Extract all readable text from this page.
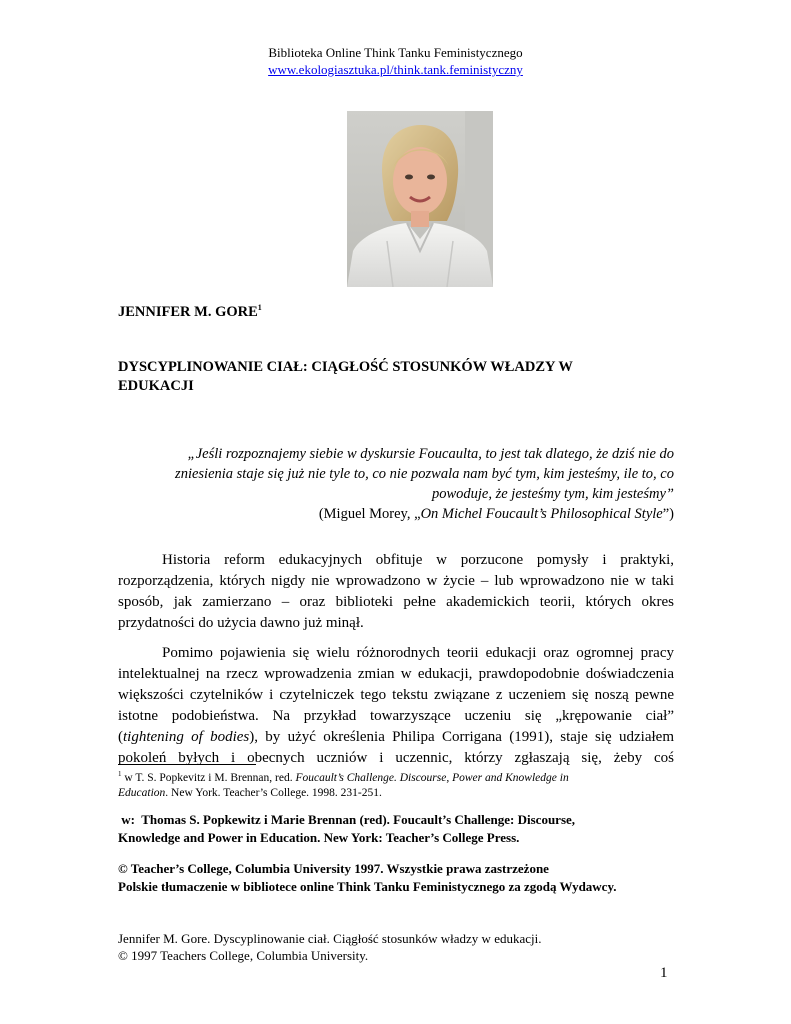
Biblioteka Online Think Tanku Feministycznego
www.ekologiasztuka.pl/think.tank.feministyczny
JENNIFER M. GORE$^1$
DYSCYPLINOWANIE CIAŁ: CIĄGŁOŚĆ STOSUNKÓW WŁADZY W
EDUKACJI
„Jeśli rozpoznajemy siebie w dyskursie Foucaulta, to jest tak dlatego, że dziś nie do
zniesienia staje się już nie tyle to, co nie pozwala nam być tym, kim jesteśmy, ile to, co
powoduje, że jesteśmy tym, kim jesteśmy”
(Miguel Morey, „On Michel Foucault’s Philosophical Style”)
Historia reform edukacyjnych obfituje w porzucone pomysły i praktyki,
rozporządzenia, których nigdy nie wprowadzono w życie – lub wprowadzono nie w taki
sposób, jak zamierzano – oraz biblioteki pełne akademickich teorii, których okres
przydatności do użycia dawno już minął.
Pomimo pojawienia się wielu różnorodnych teorii edukacji oraz ogromnej pracy
intelektualnej na rzecz wprowadzenia zmian w edukacji, prawdopodobnie doświadczenia
większości czytelników i czytelniczek tego tekstu związane z uczeniem się noszą pewne
istotne podobieństwa. Na przykład towarzyszące uczeniu się „krępowanie ciał”
(tightening of bodies), by użyć określenia Philipa Corrigana (1991), staje się udziałem
pokoleń byłych i obecnych uczniów i uczennic, którzy zgłaszają się, żeby coś
$^1$ w T. S. Popkevitz i M. Brennan, red. Foucault’s Challenge. Discourse, Power and Knowledge in
Education. New York. Teacher’s College. 1998. 231-251.
w:  Thomas S. Popkewitz i Marie Brennan (red). Foucault’s Challenge: Discourse,
Knowledge and Power in Education. New York: Teacher’s College Press.
© Teacher’s College, Columbia University 1997. Wszystkie prawa zastrzeżone
Polskie tłumaczenie w bibliotece online Think Tanku Feministycznego za zgodą Wydawcy.
Jennifer M. Gore. Dyscyplinowanie ciał. Ciągłość stosunków władzy w edukacji.
© 1997 Teachers College, Columbia University.
1
